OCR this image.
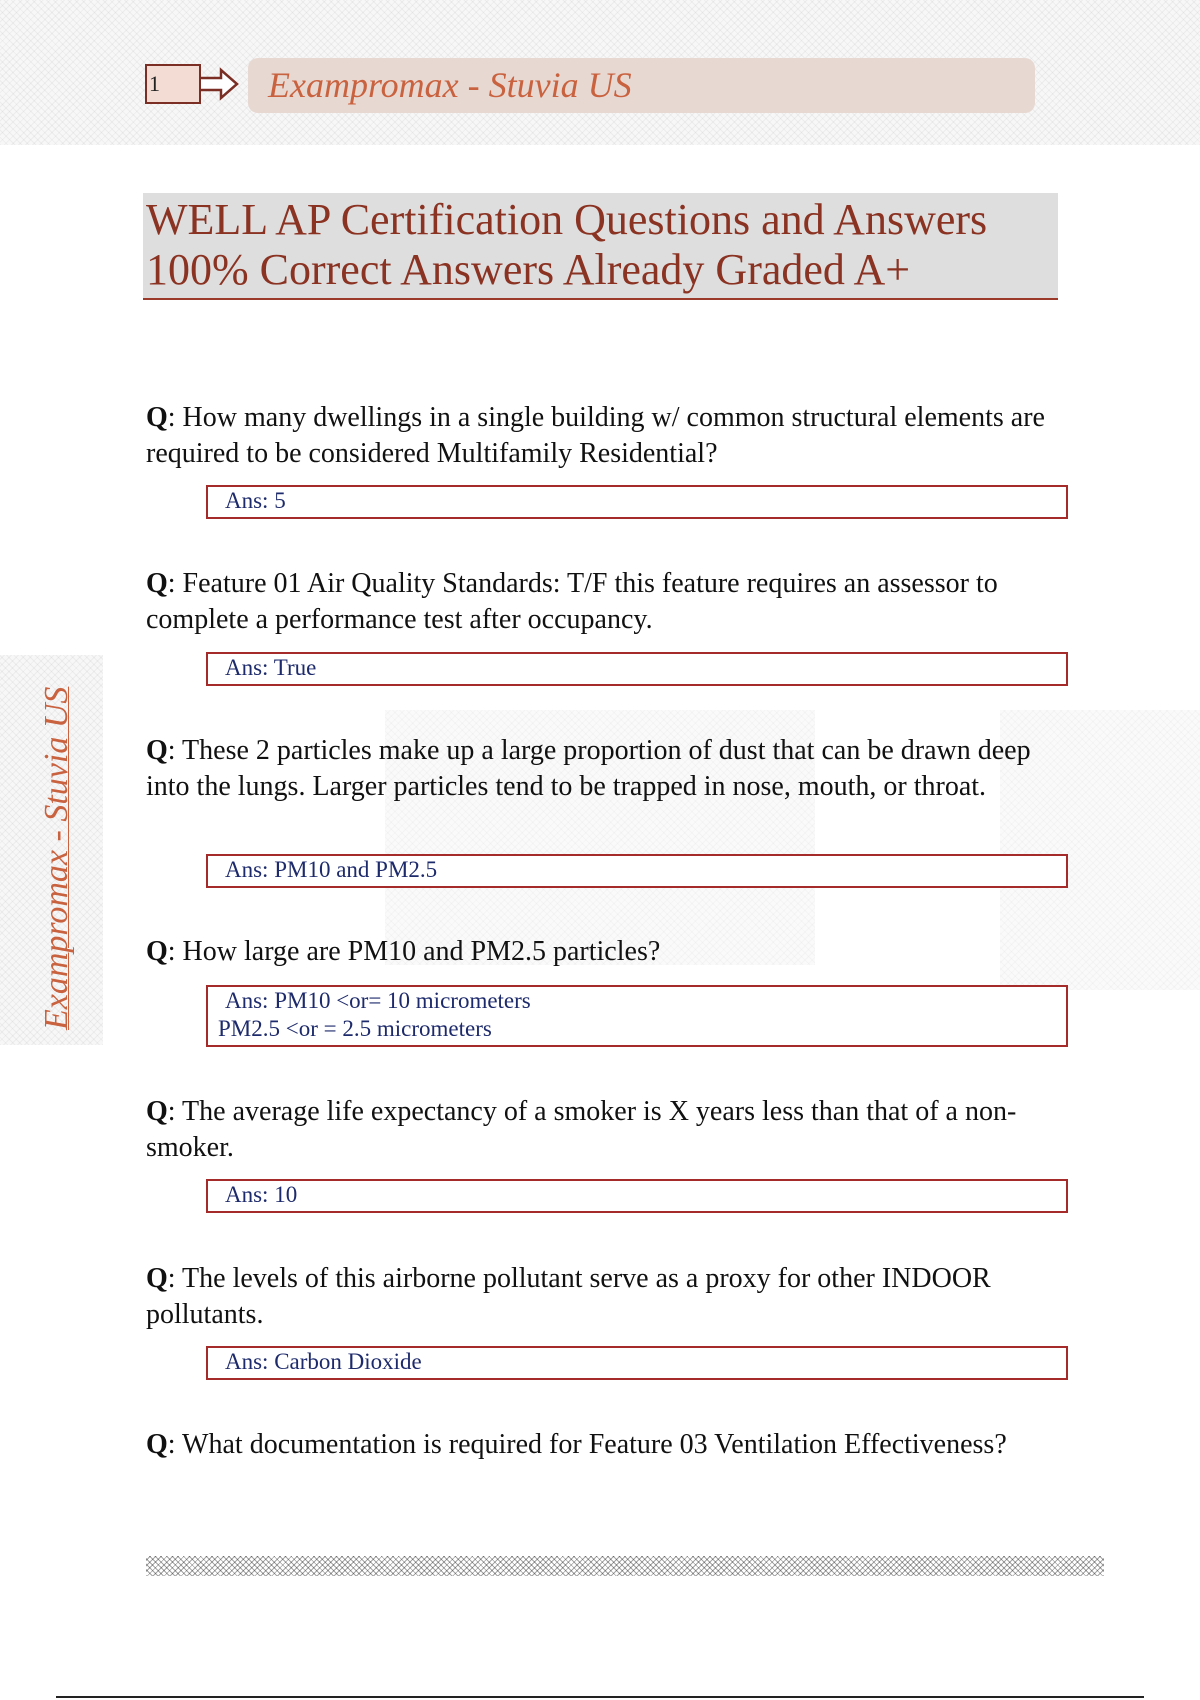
1	Exampromax - Stuvia US
Exampromax - Stuvia US
WELL AP Certification Questions and Answers
100% Correct Answers Already Graded A+
Q: How many dwellings in a single building w/ common structural elements are required to be considered Multifamily Residential?
Ans: 5
Q: Feature 01 Air Quality Standards: T/F this feature requires an assessor to complete a performance test after occupancy.
Ans: True
Q: These 2 particles make up a large proportion of dust that can be drawn deep into the lungs. Larger particles tend to be trapped in nose, mouth, or throat.
Ans: PM10 and PM2.5
Q: How large are PM10 and PM2.5 particles?
Ans: PM10 <or= 10 micrometers
PM2.5 <or = 2.5 micrometers
Q: The average life expectancy of a smoker is X years less than that of a non-smoker.
Ans: 10
Q: The levels of this airborne pollutant serve as a proxy for other INDOOR pollutants.
Ans: Carbon Dioxide
Q: What documentation is required for Feature 03 Ventilation Effectiveness?
